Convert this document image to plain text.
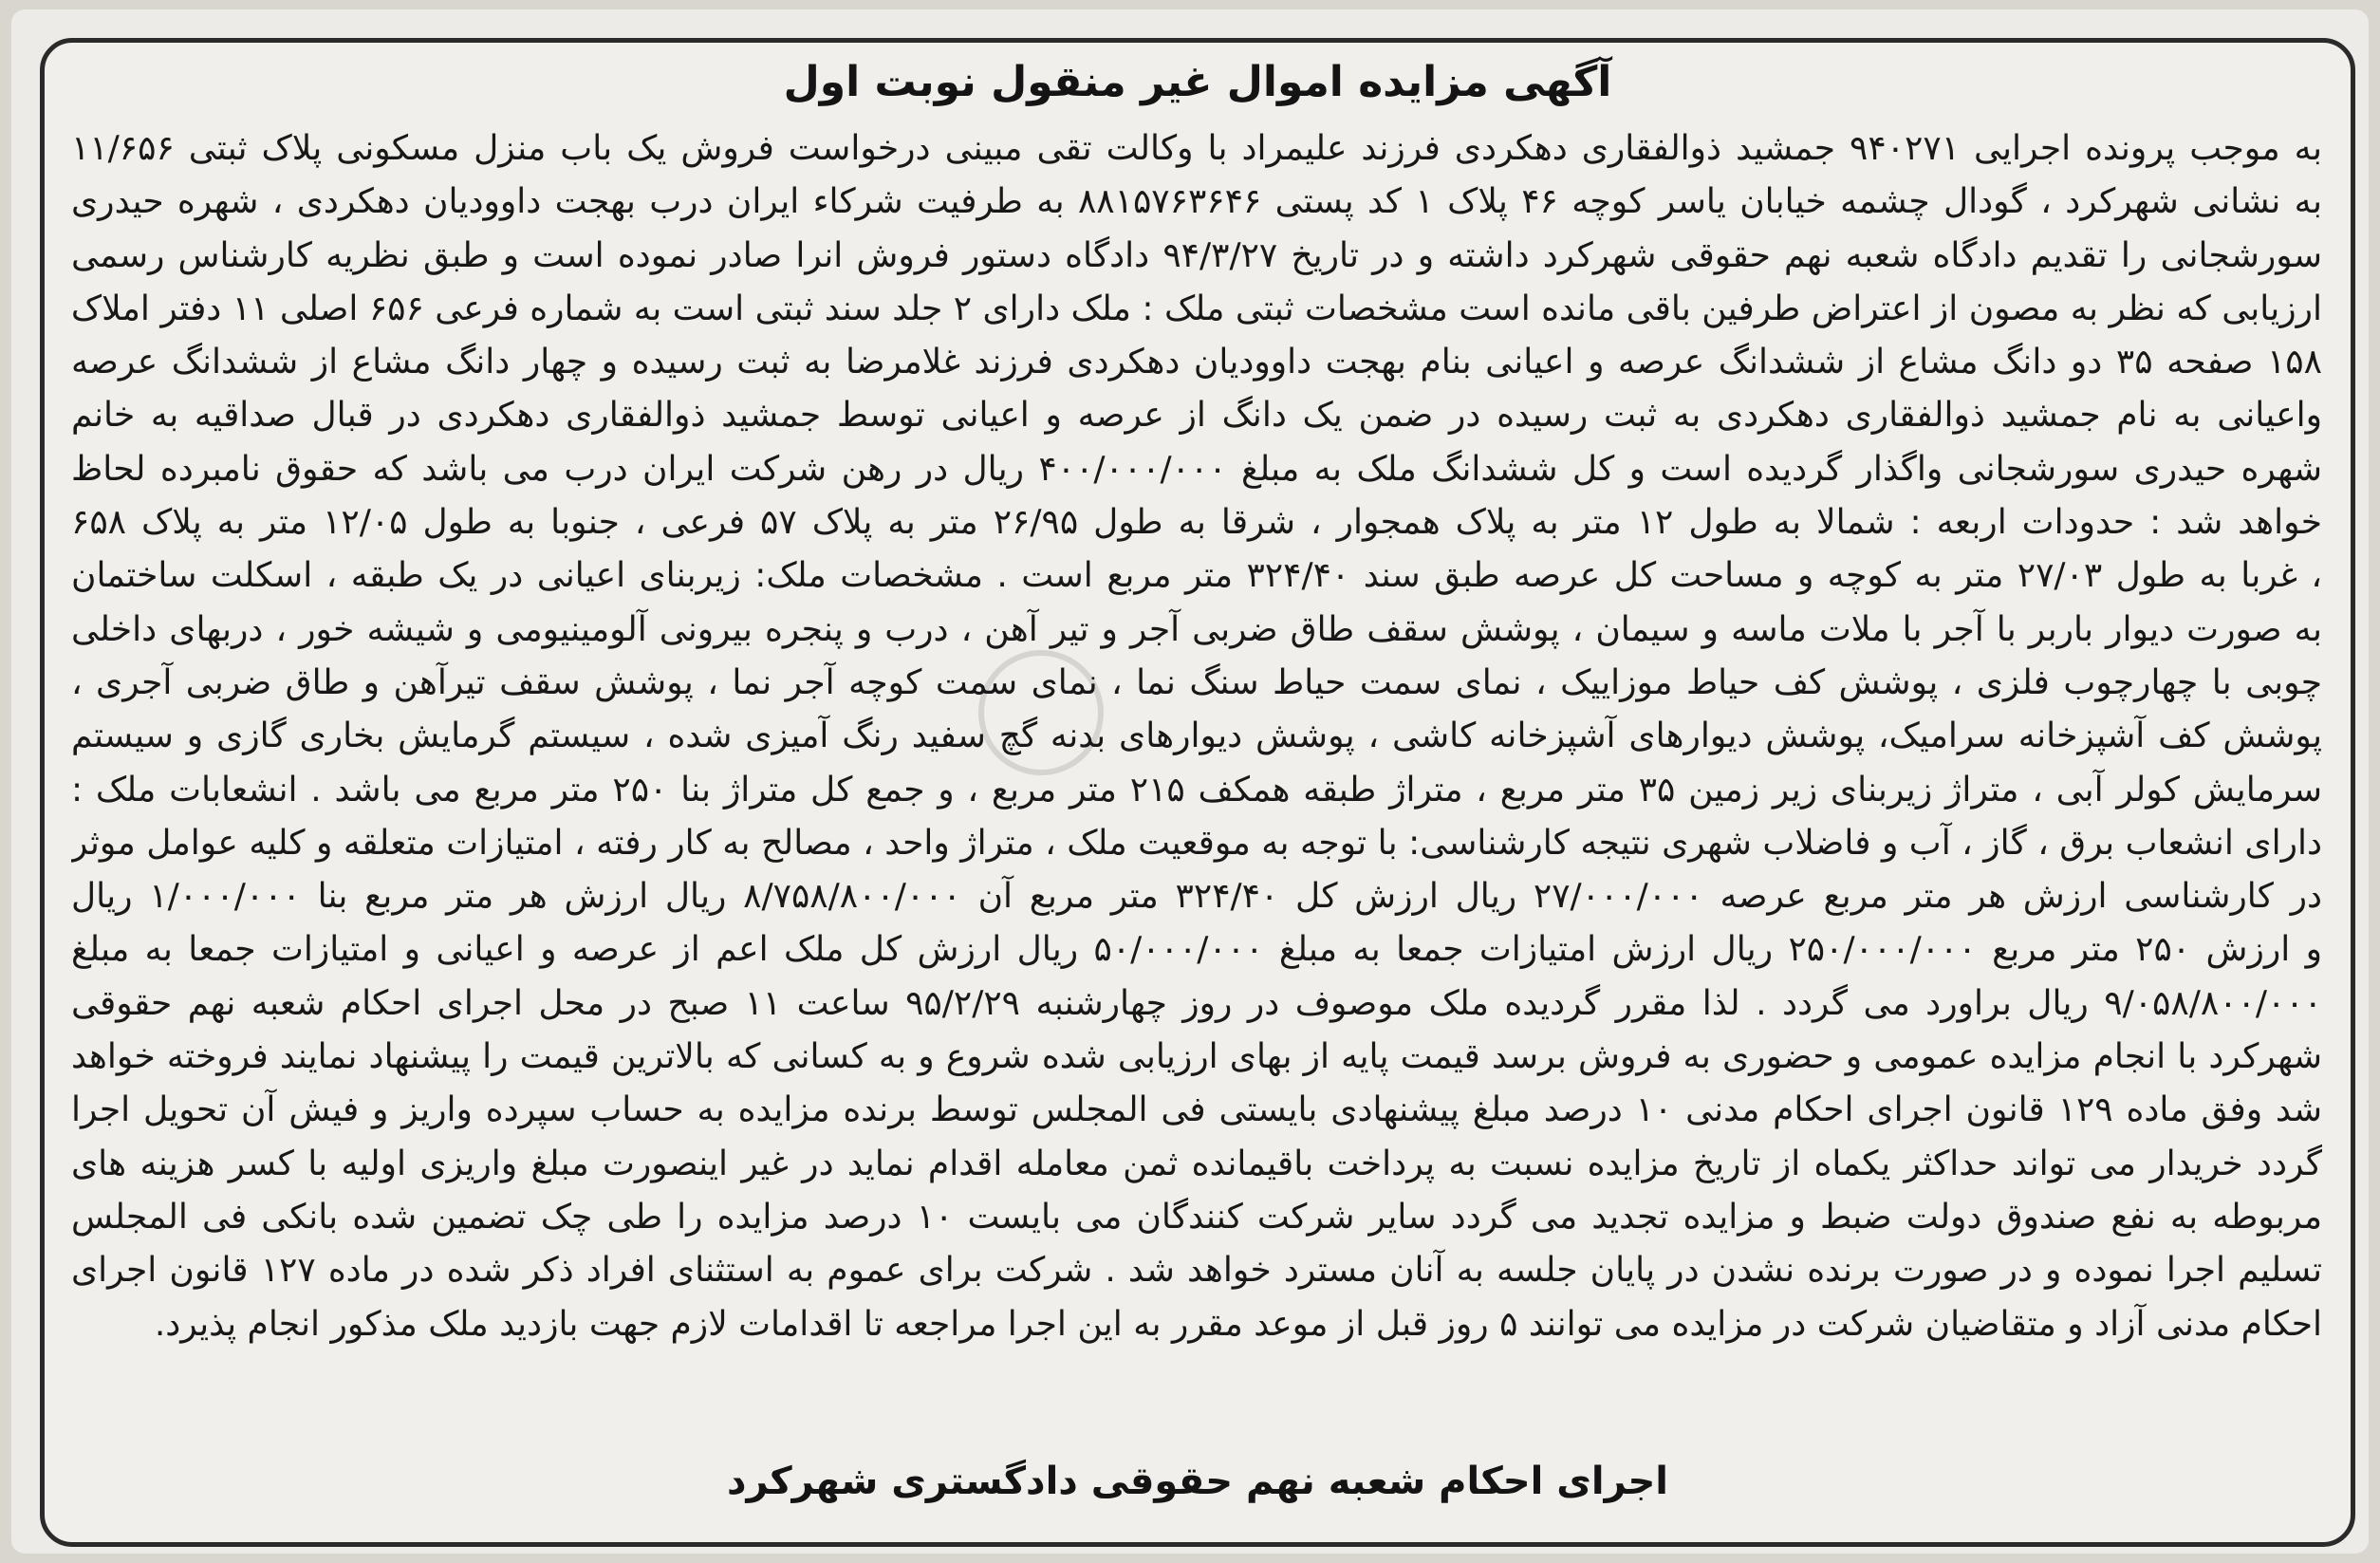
آگهی مزایده اموال غیر منقول نوبت اول
به موجب پرونده اجرایی ۹۴۰۲۷۱ جمشید ذوالفقاری دهکردی فرزند علیمراد با وکالت تقی مبینی درخواست فروش یک باب منزل مسکونی پلاک ثبتی ۱۱/۶۵۶
به نشانی شهرکرد ، گودال چشمه خیابان یاسر کوچه ۴۶ پلاک ۱ کد پستی ۸۸۱۵۷۶۳۶۴۶ به طرفیت شرکاء ایران درب بهجت داوودیان دهکردی ، شهره حیدری
سورشجانی را تقدیم دادگاه شعبه نهم حقوقی شهرکرد داشته و در تاریخ ۹۴/۳/۲۷ دادگاه دستور فروش انرا صادر نموده است و طبق نظریه کارشناس رسمی
ارزیابی که نظر به مصون از اعتراض طرفین باقی مانده است مشخصات ثبتی ملک : ملک دارای ۲ جلد سند ثبتی است به شماره فرعی ۶۵۶ اصلی ۱۱ دفتر املاک
۱۵۸ صفحه ۳۵ دو دانگ مشاع از ششدانگ عرصه و اعیانی بنام بهجت داوودیان دهکردی فرزند غلامرضا به ثبت رسیده و چهار دانگ مشاع از ششدانگ عرصه
واعیانی به نام جمشید ذوالفقاری دهکردی به ثبت رسیده در ضمن یک دانگ از عرصه و اعیانی توسط جمشید ذوالفقاری دهکردی در قبال صداقیه به خانم
شهره حیدری سورشجانی واگذار گردیده است و کل ششدانگ ملک به مبلغ ۴۰۰/۰۰۰/۰۰۰ ریال در رهن شرکت ایران درب می باشد که حقوق نامبرده لحاظ
خواهد شد : حدودات اربعه : شمالا به طول ۱۲ متر به پلاک همجوار ، شرقا به طول ۲۶/۹۵ متر به پلاک ۵۷ فرعی ، جنوبا به طول ۱۲/۰۵ متر به پلاک ۶۵۸
، غربا به طول ۲۷/۰۳ متر به کوچه و مساحت کل عرصه طبق سند ۳۲۴/۴۰ متر مربع است . مشخصات ملک: زیربنای اعیانی در یک طبقه ، اسکلت ساختمان
به صورت دیوار باربر با آجر با ملات ماسه و سیمان ، پوشش سقف طاق ضربی آجر و تیر آهن ، درب و پنجره بیرونی آلومینیومی و شیشه خور ، دربهای داخلی
چوبی با چهارچوب فلزی ، پوشش کف حیاط موزاییک ، نمای سمت حیاط سنگ نما ، نمای سمت کوچه آجر نما ، پوشش سقف تیرآهن و طاق ضربی آجری ،
پوشش کف آشپزخانه سرامیک، پوشش دیوارهای آشپزخانه کاشی ، پوشش دیوارهای بدنه گچ سفید رنگ آمیزی شده ، سیستم گرمایش بخاری گازی و سیستم
سرمایش کولر آبی ، متراژ زیربنای زیر زمین ۳۵ متر مربع ، متراژ طبقه همکف ۲۱۵ متر مربع ، و جمع کل متراژ بنا ۲۵۰ متر مربع می باشد . انشعابات ملک :
دارای انشعاب برق ، گاز ، آب و فاضلاب شهری نتیجه کارشناسی: با توجه به موقعیت ملک ، متراژ واحد ، مصالح به کار رفته ، امتیازات متعلقه و کلیه عوامل موثر
در کارشناسی ارزش هر متر مربع عرصه ۲۷/۰۰۰/۰۰۰ ریال ارزش کل ۳۲۴/۴۰ متر مربع آن ۸/۷۵۸/۸۰۰/۰۰۰ ریال ارزش هر متر مربع بنا ۱/۰۰۰/۰۰۰ ریال
و ارزش ۲۵۰ متر مربع ۲۵۰/۰۰۰/۰۰۰ ریال ارزش امتیازات جمعا به مبلغ ۵۰/۰۰۰/۰۰۰ ریال ارزش کل ملک اعم از عرصه و اعیانی و امتیازات جمعا به مبلغ
۹/۰۵۸/۸۰۰/۰۰۰ ریال براورد می گردد . لذا مقرر گردیده ملک موصوف در روز چهارشنبه ۹۵/۲/۲۹ ساعت ۱۱ صبح در محل اجرای احکام شعبه نهم حقوقی
شهرکرد با انجام مزایده عمومی و حضوری به فروش برسد قیمت پایه از بهای ارزیابی شده شروع و به کسانی که بالاترین قیمت را پیشنهاد نمایند فروخته خواهد
شد وفق ماده ۱۲۹ قانون اجرای احکام مدنی ۱۰ درصد مبلغ پیشنهادی بایستی فی المجلس توسط برنده مزایده به حساب سپرده واریز و فیش آن تحویل اجرا
گردد خریدار می تواند حداکثر یکماه از تاریخ مزایده نسبت به پرداخت باقیمانده ثمن معامله اقدام نماید در غیر اینصورت مبلغ واریزی اولیه با کسر هزینه های
مربوطه به نفع صندوق دولت ضبط و مزایده تجدید می گردد سایر شرکت کنندگان می بایست ۱۰ درصد مزایده را طی چک تضمین شده بانکی فی المجلس
تسلیم اجرا نموده و در صورت برنده نشدن در پایان جلسه به آنان مسترد خواهد شد . شرکت برای عموم به استثنای افراد ذکر شده در ماده ۱۲۷ قانون اجرای
احکام مدنی آزاد و متقاضیان شرکت در مزایده می توانند ۵ روز قبل از موعد مقرر به این اجرا مراجعه تا اقدامات لازم جهت بازدید ملک مذکور انجام پذیرد.
اجرای احکام شعبه نهم حقوقی دادگستری شهرکرد
